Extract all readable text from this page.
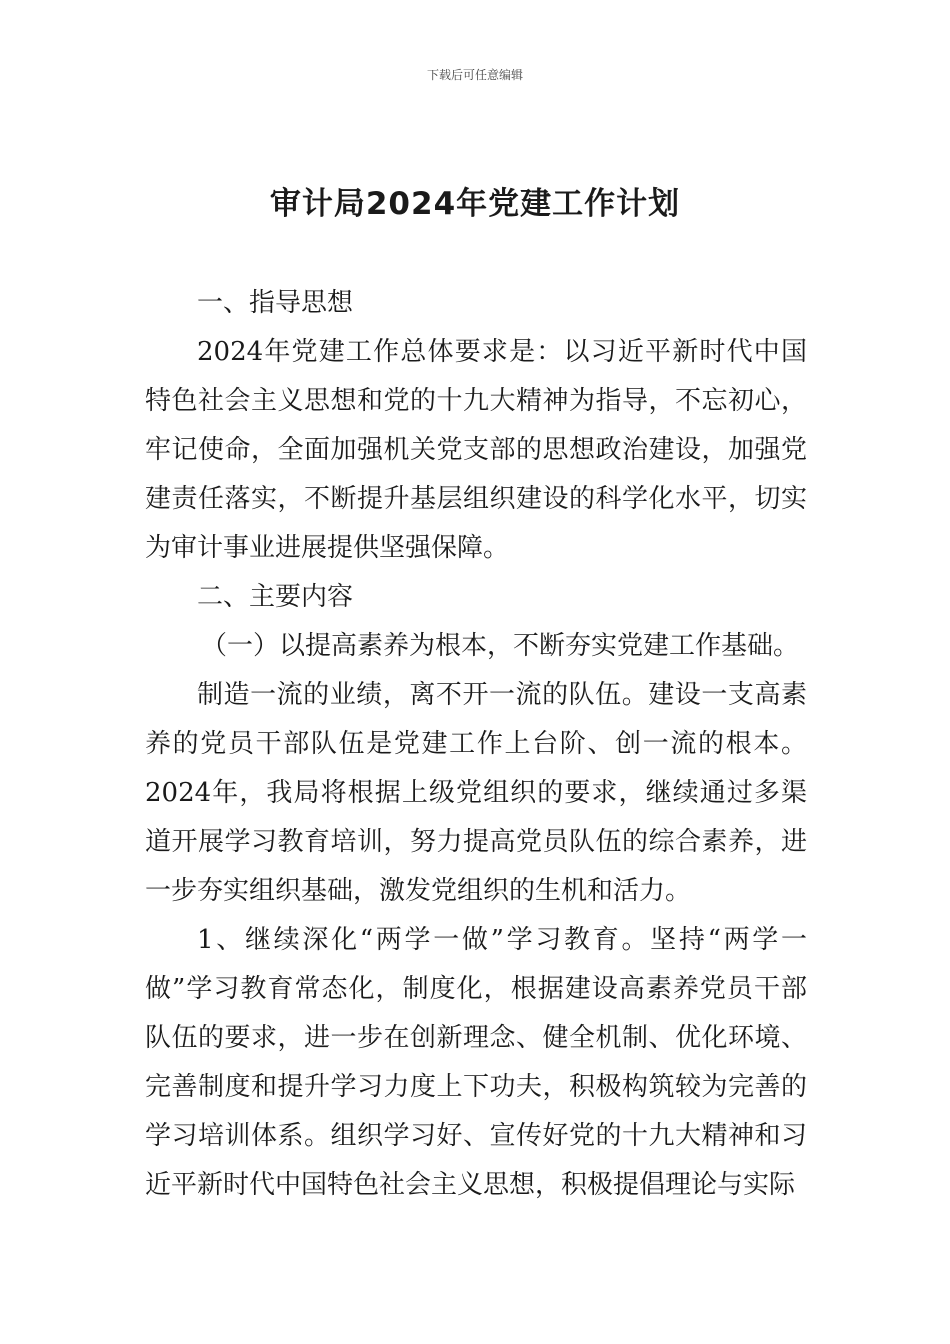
下载后可任意编辑
审计局2024年党建工作计划

一、指导思想

2024年党建工作总体要求是：以习近平新时代中国特色社会主义思想和党的十九大精神为指导，不忘初心，牢记使命，全面加强机关党支部的思想政治建设，加强党建责任落实，不断提升基层组织建设的科学化水平，切实为审计事业进展提供坚强保障。

二、主要内容

（一）以提高素养为根本，不断夯实党建工作基础。

制造一流的业绩，离不开一流的队伍。建设一支高素养的党员干部队伍是党建工作上台阶、创一流的根本。2024年，我局将根据上级党组织的要求，继续通过多渠道开展学习教育培训，努力提高党员队伍的综合素养，进一步夯实组织基础，激发党组织的生机和活力。

1、继续深化“两学一做”学习教育。坚持“两学一做”学习教育常态化，制度化，根据建设高素养党员干部队伍的要求，进一步在创新理念、健全机制、优化环境、完善制度和提升学习力度上下功夫，积极构筑较为完善的学习培训体系。组织学习好、宣传好党的十九大精神和习近平新时代中国特色社会主义思想，积极提倡理论与实际
